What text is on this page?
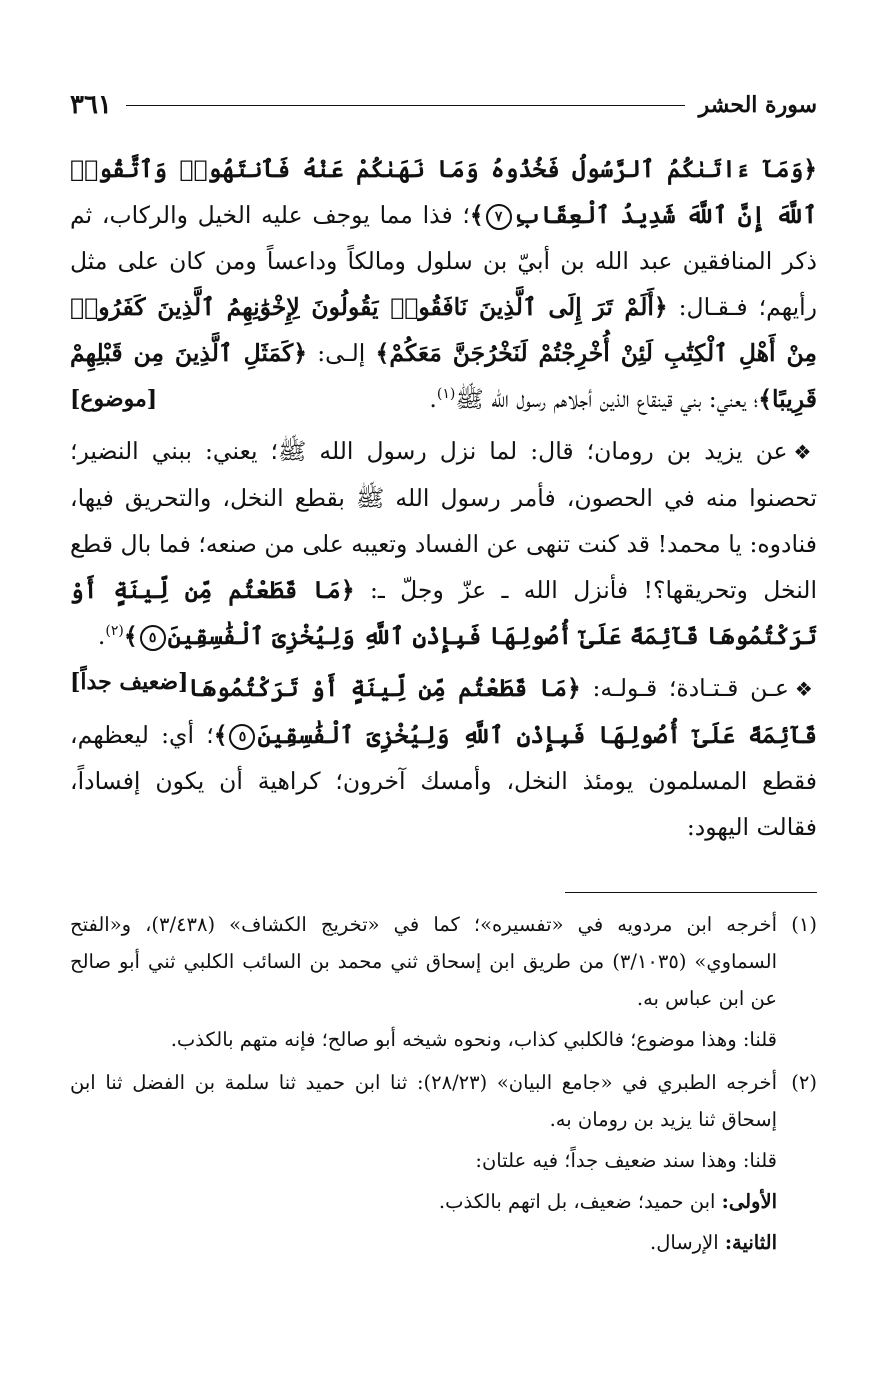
سورة الحشر
٣٦١

﴿وَمَآ ءَاتَىٰكُمُ ٱلرَّسُولُ فَخُذُوهُ وَمَا نَهَىٰكُمْ عَنْهُ فَٱنتَهُوا۟ وَٱتَّقُوا۟ ٱللَّهَ إِنَّ ٱللَّهَ شَدِيدُ ٱلْعِقَابِ٧﴾؛ فذا مما يوجف عليه الخيل والركاب، ثم ذكر المنافقين عبد الله بن أبيّ بن سلول ومالكاً وداعساً ومن كان على مثل رأيهم؛ فـقـال: ﴿أَلَمْ تَرَ إِلَى ٱلَّذِينَ نَافَقُوا۟ يَقُولُونَ لِإِخْوَٰنِهِمُ ٱلَّذِينَ كَفَرُوا۟ مِنْ أَهْلِ ٱلْكِتَٰبِ لَئِنْ أُخْرِجْتُمْ لَنَخْرُجَنَّ مَعَكُمْ﴾ إلـى: ﴿كَمَثَلِ ٱلَّذِينَ مِن قَبْلِهِمْ قَرِيبًا﴾؛ يعني: بني قينقاع الذين أجلاهم رسول الله ﷺ$^{(١)}$.
[موضوع]

❖عن يزيد بن رومان؛ قال: لما نزل رسول الله ﷺ؛ يعني: ببني النضير؛ تحصنوا منه في الحصون، فأمر رسول الله ﷺ بقطع النخل، والتحريق فيها، فنادوه: يا محمد! قد كنت تنهى عن الفساد وتعيبه على من صنعه؛ فما بال قطع النخل وتحريقها؟! فأنزل الله ـ عزّ وجلّ ـ: ﴿مَا قَطَعْتُم مِّن لِّينَةٍ أَوْ تَرَكْتُمُوهَا قَآئِمَةً عَلَىٰٓ أُصُولِهَا فَبِإِذْنِ ٱللَّهِ وَلِيُخْزِىَ ٱلْفَٰسِقِينَ٥﴾$^{(٢)}$.
[ضعيف جداً]	❖عـن قـتـادة؛ قـولـه: ﴿مَا قَطَعْتُم مِّن لِّينَةٍ أَوْ تَرَكْتُمُوهَا قَآئِمَةً عَلَىٰٓ أُصُولِهَا فَبِإِذْنِ ٱللَّهِ وَلِيُخْزِىَ ٱلْفَٰسِقِينَ٥﴾؛ أي: ليعظهم، فقطع المسلمون يومئذ النخل، وأمسك آخرون؛ كراهية أن يكون إفساداً، فقالت اليهود:

(١)

أخرجه ابن مردويه في «تفسيره»؛ كما في «تخريج الكشاف» (٣/٤٣٨)، و«الفتح السماوي» (٣/١٠٣٥) من طريق ابن إسحاق ثني محمد بن السائب الكلبي ثني أبو صالح عن ابن عباس به.

قلنا: وهذا موضوع؛ فالكلبي كذاب، ونحوه شيخه أبو صالح؛ فإنه متهم بالكذب.

(٢)

أخرجه الطبري في «جامع البيان» (٢٨/٢٣): ثنا ابن حميد ثنا سلمة بن الفضل ثنا ابن إسحاق ثنا يزيد بن رومان به.

قلنا: وهذا سند ضعيف جداً؛ فيه علتان:

الأولى: ابن حميد؛ ضعيف، بل اتهم بالكذب.

الثانية: الإرسال.
